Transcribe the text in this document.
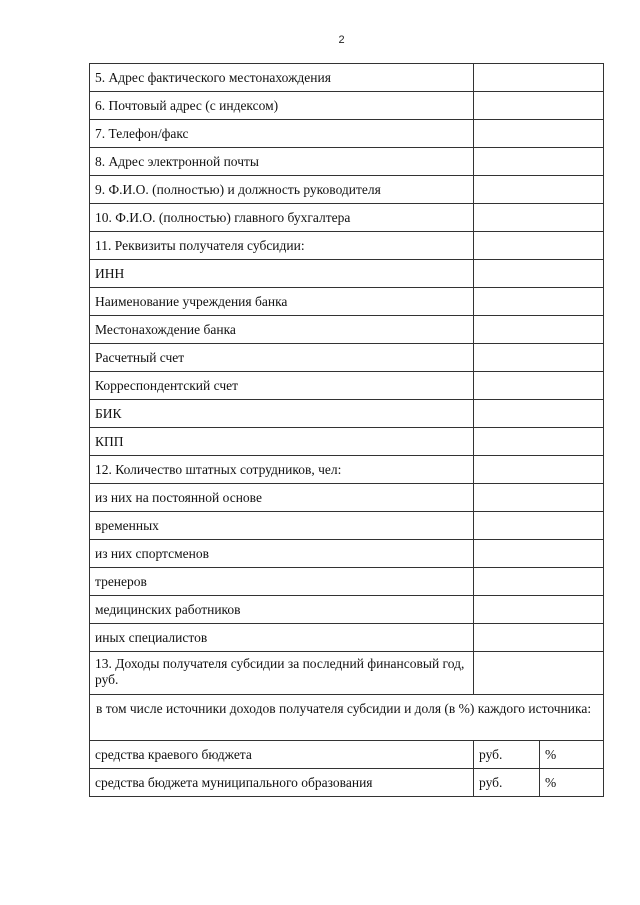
2
5. Адрес фактического местонахождения		
6. Почтовый адрес (с индексом)		
7. Телефон/факс		
8. Адрес электронной почты		
9. Ф.И.О. (полностью) и должность руководителя		
10. Ф.И.О. (полностью) главного бухгалтера		
11. Реквизиты получателя субсидии:		
ИНН		
Наименование учреждения банка		
Местонахождение банка		
Расчетный счет		
Корреспондентский счет		
БИК		
КПП		
12. Количество штатных сотрудников, чел:		
из них на постоянной основе		
временных		
из них спортсменов		
тренеров		
медицинских работников		
иных специалистов		
13. Доходы получателя субсидии за последний финансовый год, руб.		
в том числе источники доходов получателя субсидии и доля (в %) каждого источника:		
средства краевого бюджета	руб.	%
средства бюджета муниципального образования	руб.	%
